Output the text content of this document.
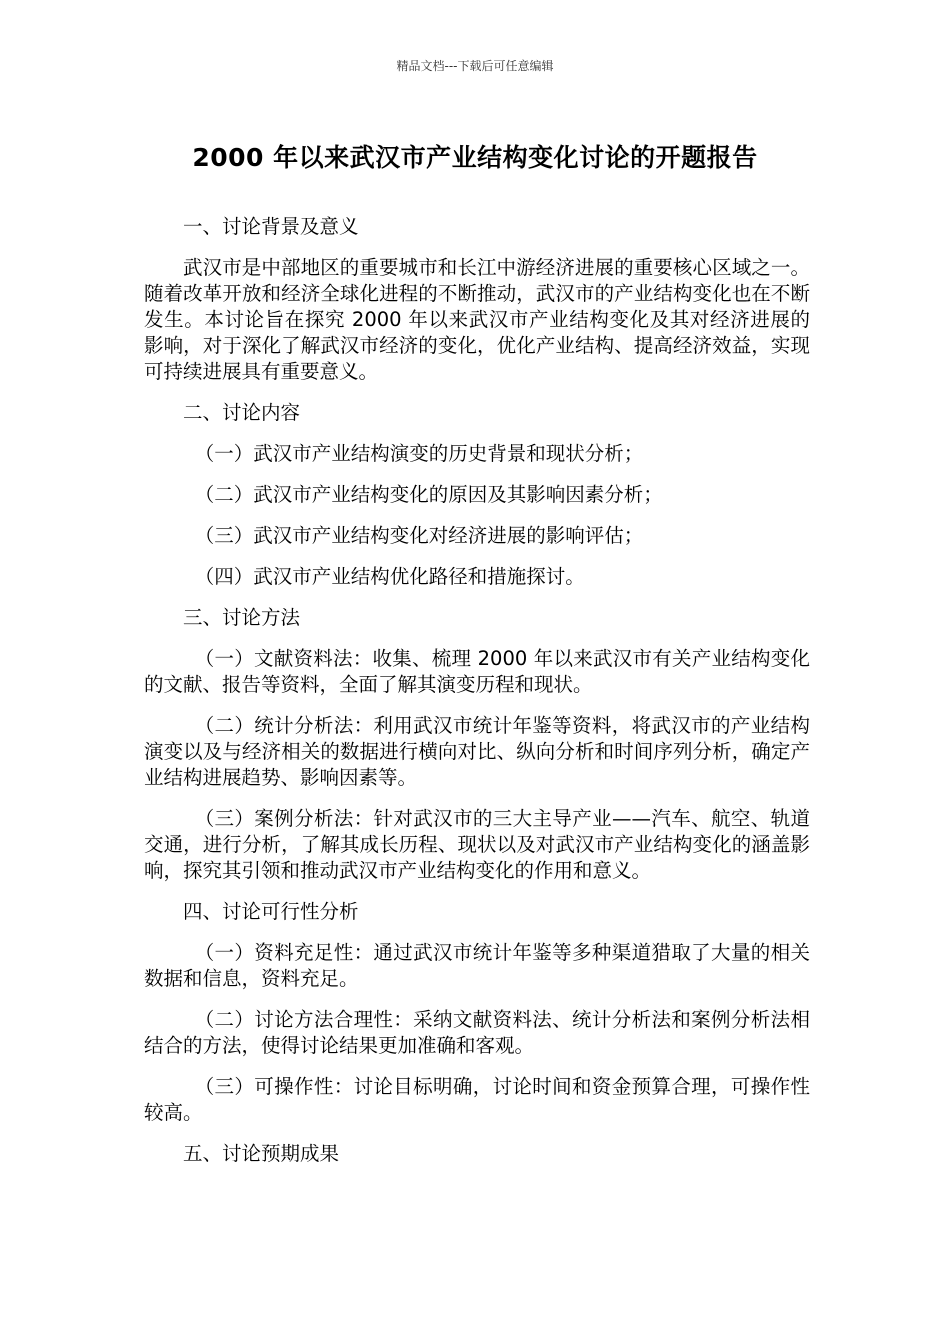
精品文档---下载后可任意编辑
2000 年以来武汉市产业结构变化讨论的开题报告

一、讨论背景及意义

武汉市是中部地区的重要城市和长江中游经济进展的重要核心区域之一。随着改革开放和经济全球化进程的不断推动，武汉市的产业结构变化也在不断发生。本讨论旨在探究 2000 年以来武汉市产业结构变化及其对经济进展的影响，对于深化了解武汉市经济的变化，优化产业结构、提高经济效益，实现可持续进展具有重要意义。

二、讨论内容

（一）武汉市产业结构演变的历史背景和现状分析；

（二）武汉市产业结构变化的原因及其影响因素分析；

（三）武汉市产业结构变化对经济进展的影响评估；

（四）武汉市产业结构优化路径和措施探讨。

三、讨论方法

（一）文献资料法：收集、梳理 2000 年以来武汉市有关产业结构变化的文献、报告等资料，全面了解其演变历程和现状。

（二）统计分析法：利用武汉市统计年鉴等资料，将武汉市的产业结构演变以及与经济相关的数据进行横向对比、纵向分析和时间序列分析，确定产业结构进展趋势、影响因素等。

（三）案例分析法：针对武汉市的三大主导产业——汽车、航空、轨道交通，进行分析，了解其成长历程、现状以及对武汉市产业结构变化的涵盖影响，探究其引领和推动武汉市产业结构变化的作用和意义。

四、讨论可行性分析

（一）资料充足性：通过武汉市统计年鉴等多种渠道猎取了大量的相关数据和信息，资料充足。

（二）讨论方法合理性：采纳文献资料法、统计分析法和案例分析法相结合的方法，使得讨论结果更加准确和客观。

（三）可操作性：讨论目标明确，讨论时间和资金预算合理，可操作性较高。

五、讨论预期成果
